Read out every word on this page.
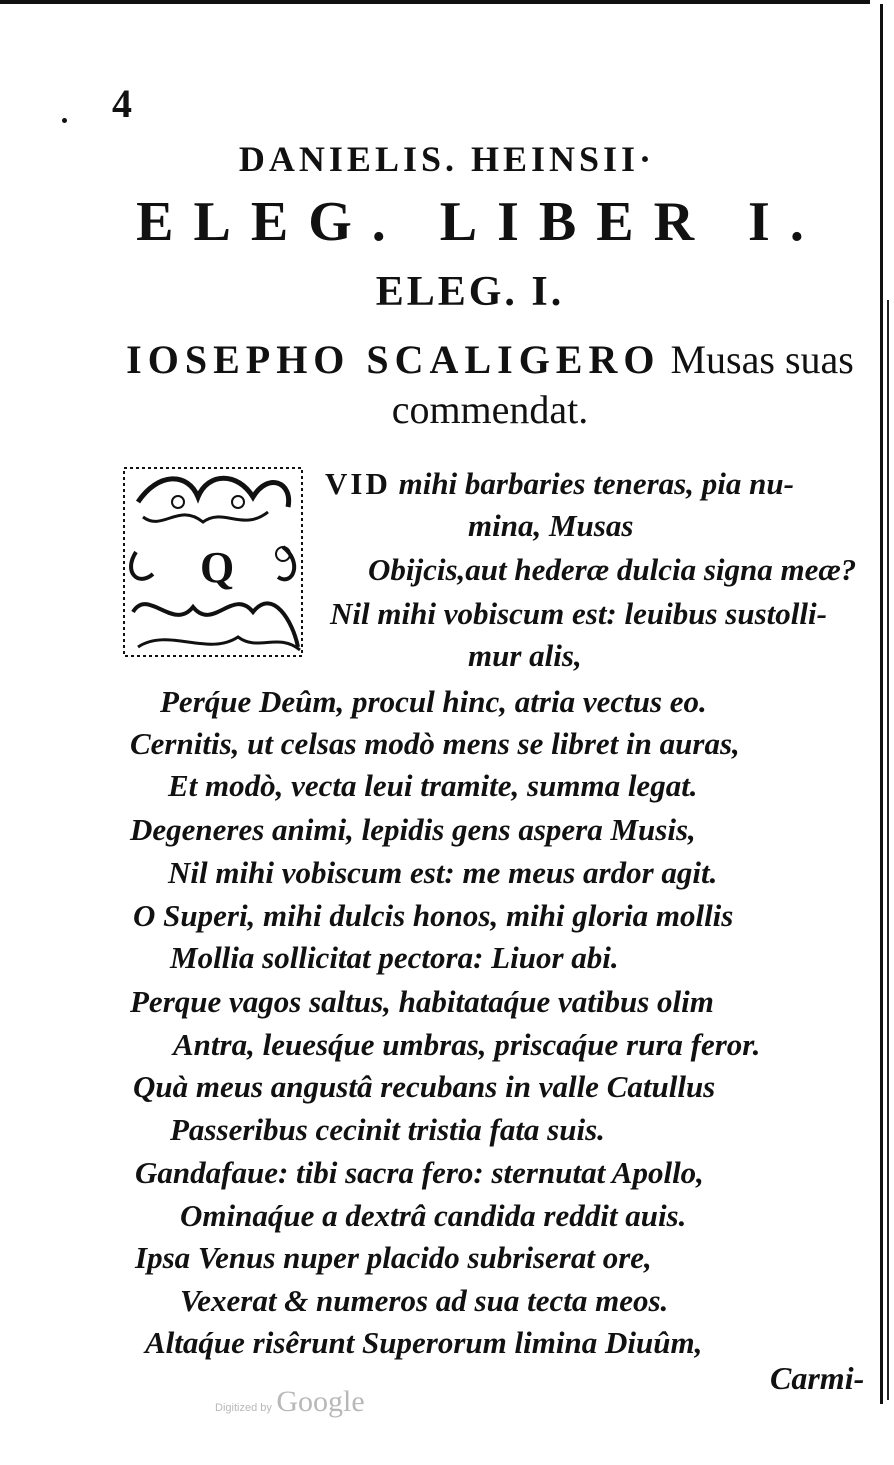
4
DANIELIS. HEINSII·
ELEG. LIBER I.
ELEG. I.
IOSEPHO SCALIGERO Musas suas
commendat.
Q
VID mihi barbaries teneras, pia nu-
mina, Musas
Obijcis,aut hederæ dulcia signa meæ?
Nil mihi vobiscum est: leuibus sustolli-
mur alis,
Perq́ue Deûm, procul hinc, atria vectus eo.
Cernitis, ut celsas modò mens se libret in auras,
Et modò, vecta leui tramite, summa legat.
Degeneres animi, lepidis gens aspera Musis,
Nil mihi vobiscum est: me meus ardor agit.
O Superi, mihi dulcis honos, mihi gloria mollis
Mollia sollicitat pectora: Liuor abi.
Perque vagos saltus, habitataq́ue vatibus olim
Antra, leuesq́ue umbras, priscaq́ue rura feror.
Quà meus angustâ recubans in valle Catullus
Passeribus cecinit tristia fata suis.
Gandafaue: tibi sacra fero: sternutat Apollo,
Ominaq́ue a dextrâ candida reddit auis.
Ipsa Venus nuper placido subriserat ore,
Vexerat & numeros ad sua tecta meos.
Altaq́ue risêrunt Superorum limina Diuûm,
Carmi-
Digitized by Google
